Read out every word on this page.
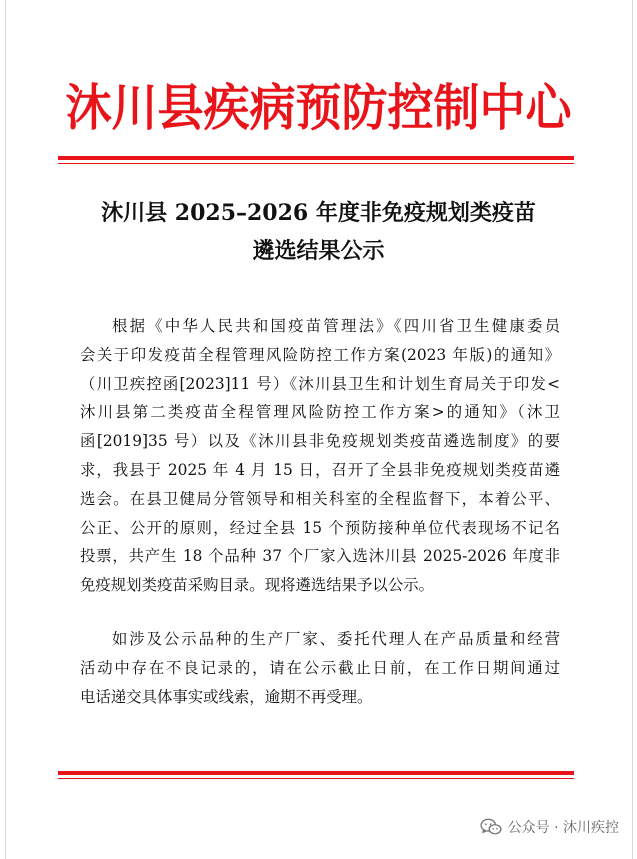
沐川县疾病预防控制中心
沐川县 2025–2026 年度非免疫规划类疫苗
遴选结果公示
根据《中华人民共和国疫苗管理法》《四川省卫生健康委员
会关于印发疫苗全程管理风险防控工作方案(2023 年版)的通知》
（川卫疾控函[2023]11 号）《沐川县卫生和计划生育局关于印发<
沐川县第二类疫苗全程管理风险防控工作方案>的通知》（沐卫
函[2019]35 号）以及《沐川县非免疫规划类疫苗遴选制度》的要
求，我县于 2025 年 4 月 15 日，召开了全县非免疫规划类疫苗遴
选会。在县卫健局分管领导和相关科室的全程监督下，本着公平、
公正、公开的原则，经过全县 15 个预防接种单位代表现场不记名
投票，共产生 18 个品种 37 个厂家入选沐川县 2025-2026 年度非
免疫规划类疫苗采购目录。现将遴选结果予以公示。
如涉及公示品种的生产厂家、委托代理人在产品质量和经营
活动中存在不良记录的，请在公示截止日前，在工作日期间通过
电话递交具体事实或线索，逾期不再受理。
公众号 · 沐川疾控
